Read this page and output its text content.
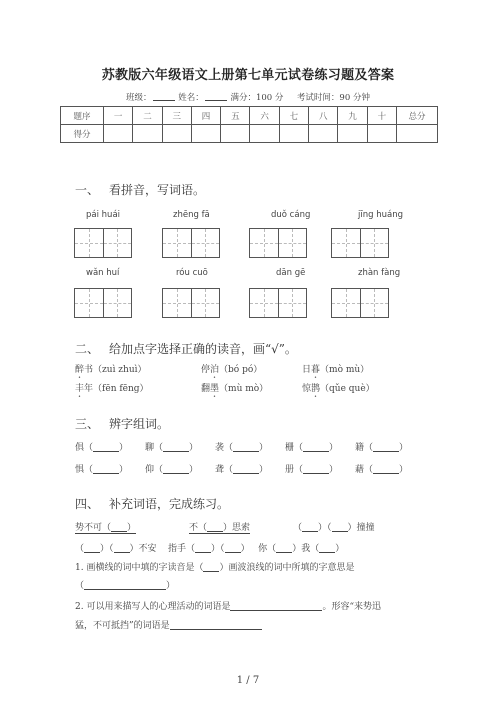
苏教版六年级语文上册第七单元试卷练习题及答案
班级：	姓名：	满分：100 分 考试时间：90 分钟
题序	一	二	三	四	五	六	七	八	九	十	总分
得分											
一、 看拼音，写词语。
pái huái	zhēng fā	duǒ cáng	jīng huáng
wǎn huí	róu cuō	dān gē	zhàn fàng
二、 给加点字选择正确的读音，画“√”。
醉书（zuì zhuì）	停泊（bó pó）	日暮（mò mù）
丰年（fēn fēng）	翻墨（mù mò）	惊鹊（qǔe què）
三、 辨字组词。
俱（	） 聊（	） 袭（	） 栅（	） 籍（	）
惧（	） 仰（	） 聋（	） 册（	） 藉（	）
四、 补充词语，完成练习。
势不可（ ）	不（ ）思索	（ ）（ ）撞撞
（ ）（ ）不安 指手（ ）（ ）   你（ ）我（ ）
1. 画横线的词中填的字读音是（ ）画波浪线的词中所填的字意思是
（	）
2. 可以用来描写人的心理活动的词语是	。形容“来势迅
猛，不可抵挡”的词语是
1 / 7
